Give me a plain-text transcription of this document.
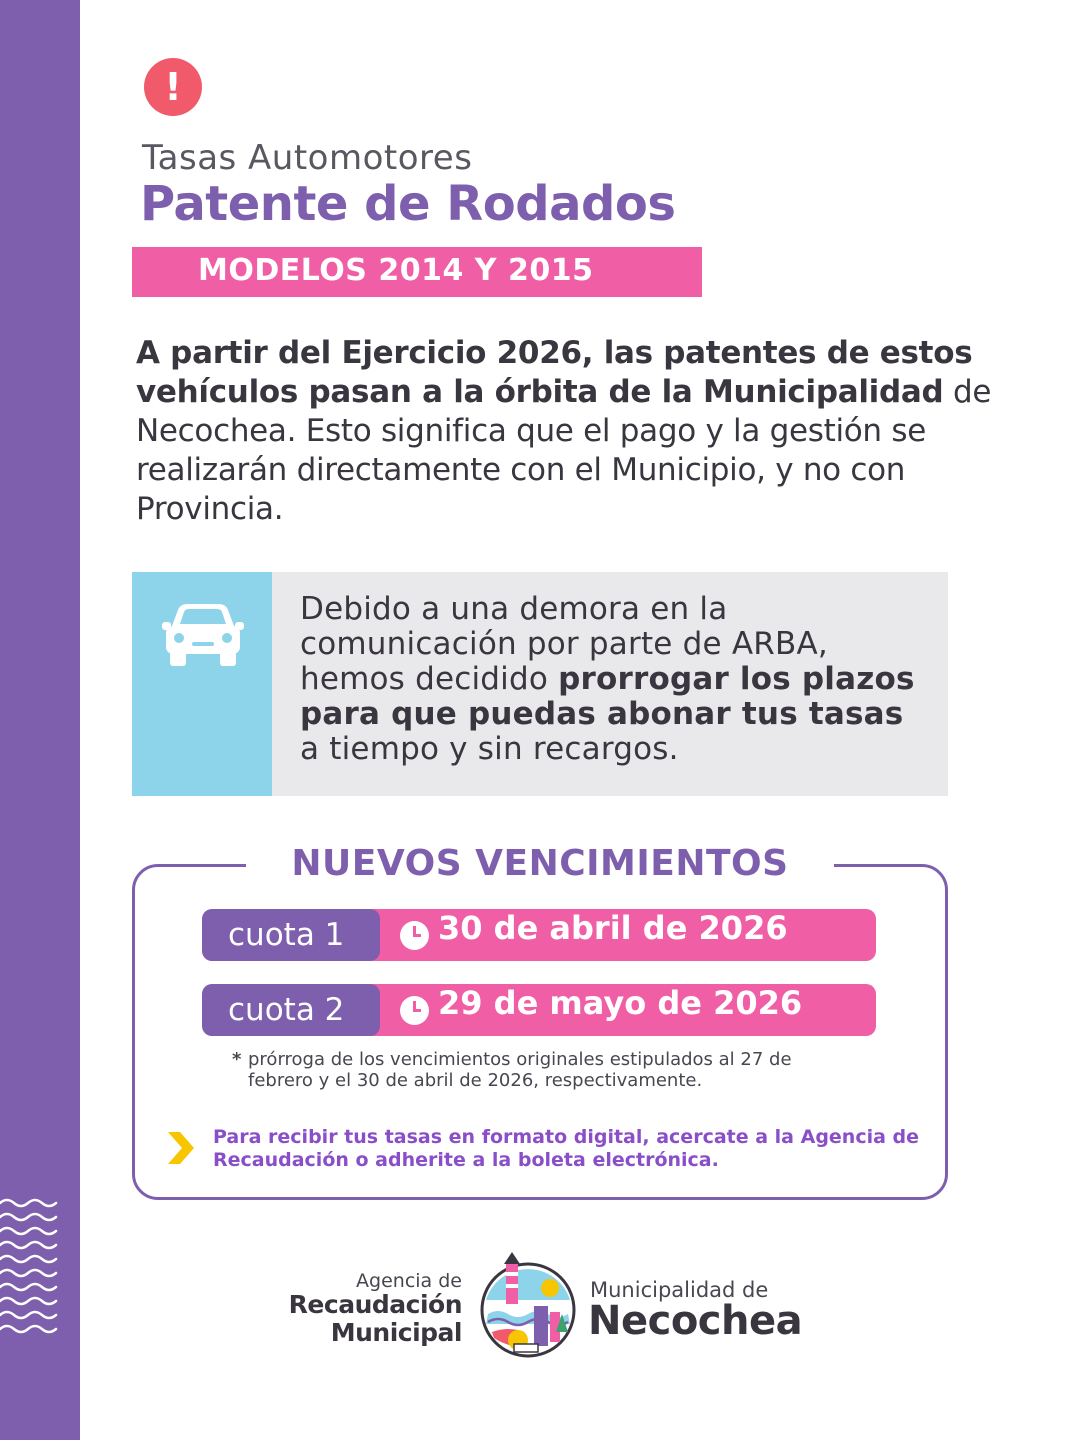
!
Tasas Automotores
Patente de Rodados
MODELOS 2014 Y 2015

A partir del Ejercicio 2026, las patentes de estos vehículos pasan a la órbita de la Municipalidad de Necochea. Esto significa que el pago y la gestión se realizarán directamente con el Municipio, y no con Provincia.

Debido a una demora en la comunicación por parte de ARBA, hemos decidido prorrogar los plazos para que puedas abonar tus tasas a tiempo y sin recargos.

NUEVOS VENCIMIENTOS
cuota 1	30 de abril de 2026
cuota 2	29 de mayo de 2026
* prórroga de los vencimientos originales estipulados al 27 de febrero y el 30 de abril de 2026, respectivamente.
Para recibir tus tasas en formato digital, acercate a la Agencia de Recaudación o adherite a la boleta electrónica.
Agencia de
Recaudación
Municipal
Municipalidad de
Necochea
